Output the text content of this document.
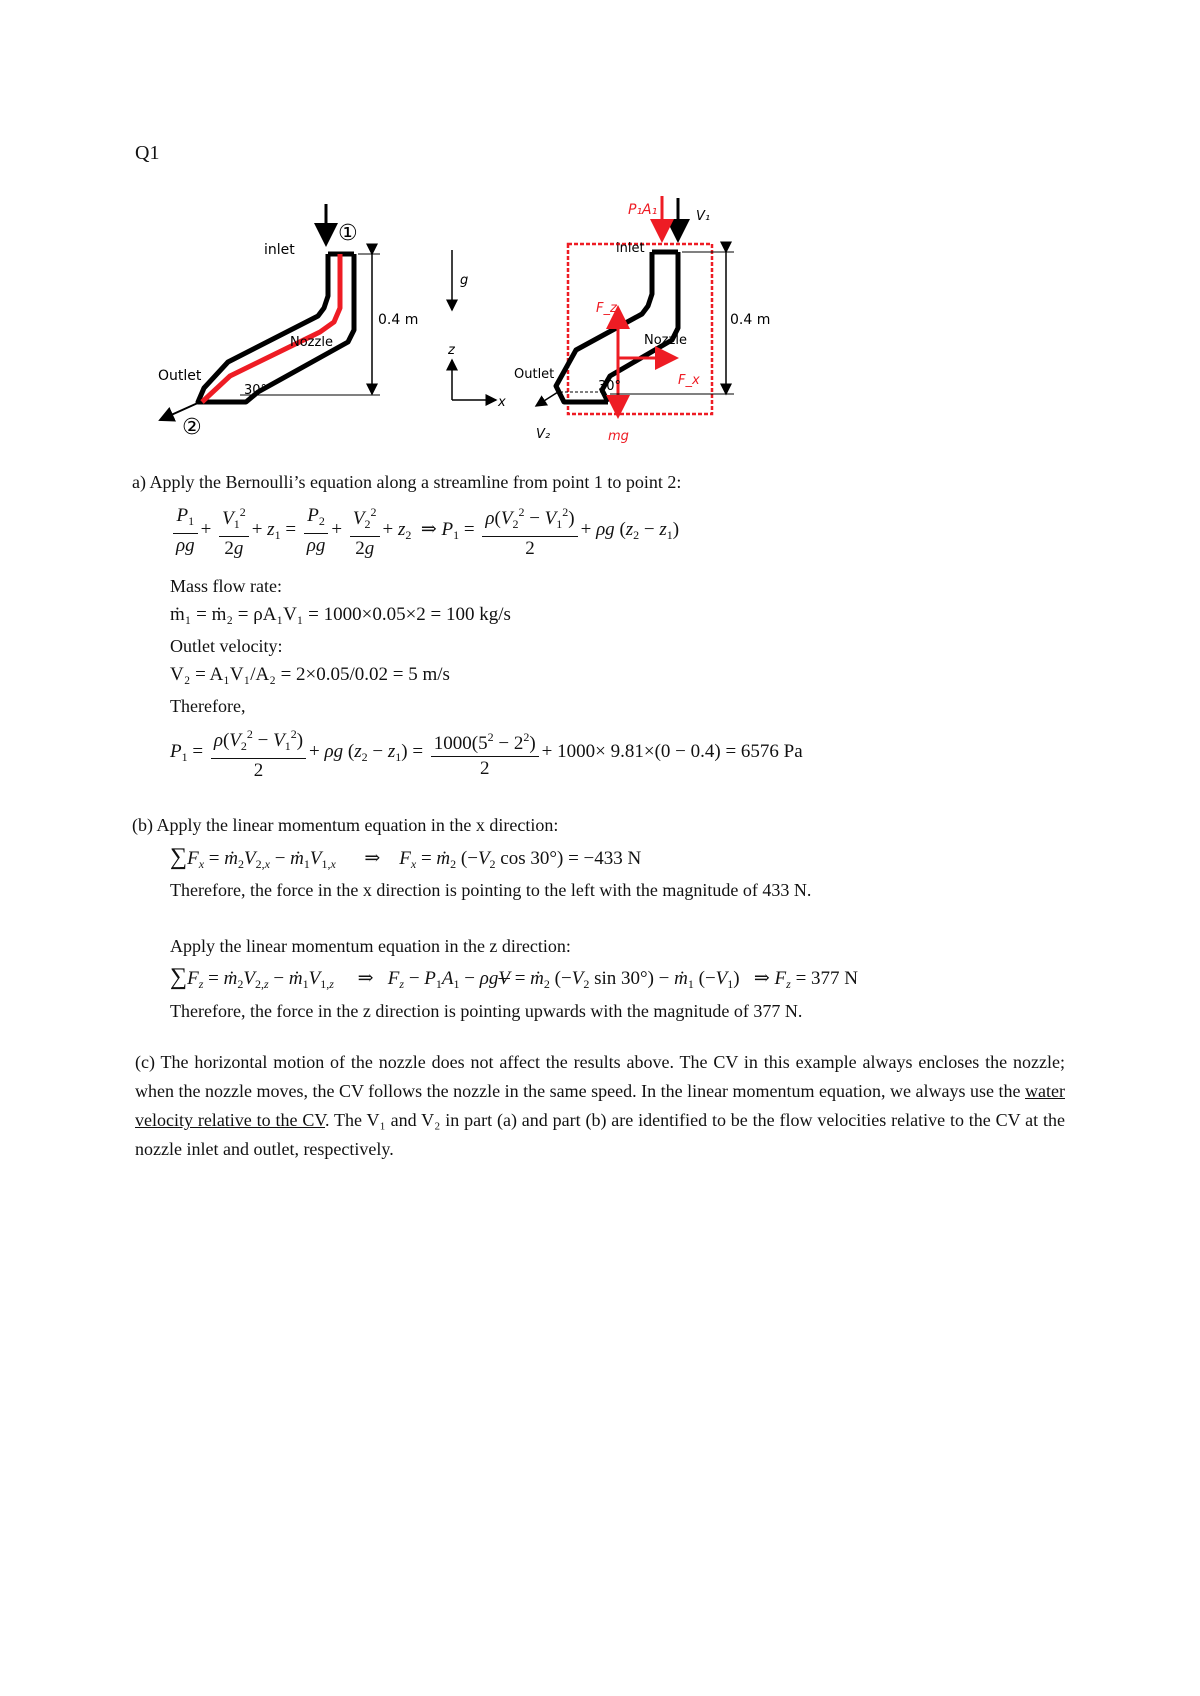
Q1
inlet
Nozzle
Outlet
30°
①
②
0.4 m
g
z
x
P₁A₁	V₁
inlet
F_z
Nozzle
F_x
Outlet
30°
V₂	mg
0.4 m
a) Apply the Bernoulli’s equation along a streamline from point 1 to point 2:
$\frac{P_1}{\rho g} + \frac{V_1^2}{2g} + z_1 = \frac{P_2}{\rho g} + \frac{V_2^2}{2g} + z_2$  ⇒ $P_1 = \frac{\rho(V_2^2 - V_1^2)}{2} + \rho g$ $(z_2 - z_1)$
Mass flow rate:
ṁ₁ = ṁ₂ = ρA₁V₁ = 1000×0.05×2 = 100 kg/s
Outlet velocity:
V₂ = A₁V₁/A₂ = 2×0.05/0.02 = 5 m/s
Therefore,
$P_1 = \frac{\rho(V_2^2 - V_1^2)}{2} + \rho g$ $(z_2 - z_1) = \frac{1000(5^2 - 2^2)}{2} + 1000\times 9.81\times(0 - 0.4) = 6576$ Pa
(b) Apply the linear momentum equation in the x direction:
$\sum F_x$ = $ṁ_2V_{2,x}$ − $ṁ_1V_{1,x}$      ⇒    $F_x$ = ṁ$_2$ ($-V_2$ cos 30°) = −433 N
Therefore, the force in the x direction is pointing to the left with the magnitude of 433 N.
Apply the linear momentum equation in the z direction:
$\sum F_z$ = $ṁ_2V_{2,z}$ − $ṁ_1V_{1,z}$     ⇒   $F_z - P_1A_1 - \rho gV$ = ṁ$_2$ ($-V_2$ sin 30°) − ṁ$_1$ $(-V_1)$   ⇒ $F_z = 377$ N
Therefore, the force in the z direction is pointing upwards with the magnitude of 377 N.
(c) The horizontal motion of the nozzle does not affect the results above. The CV in this example always encloses the nozzle; when the nozzle moves, the CV follows the nozzle in the same speed. In the linear momentum equation, we always use the water velocity relative to the CV. The V₁ and V₂ in part (a) and part (b) are identified to be the flow velocities relative to the CV at the nozzle inlet and outlet, respectively.
